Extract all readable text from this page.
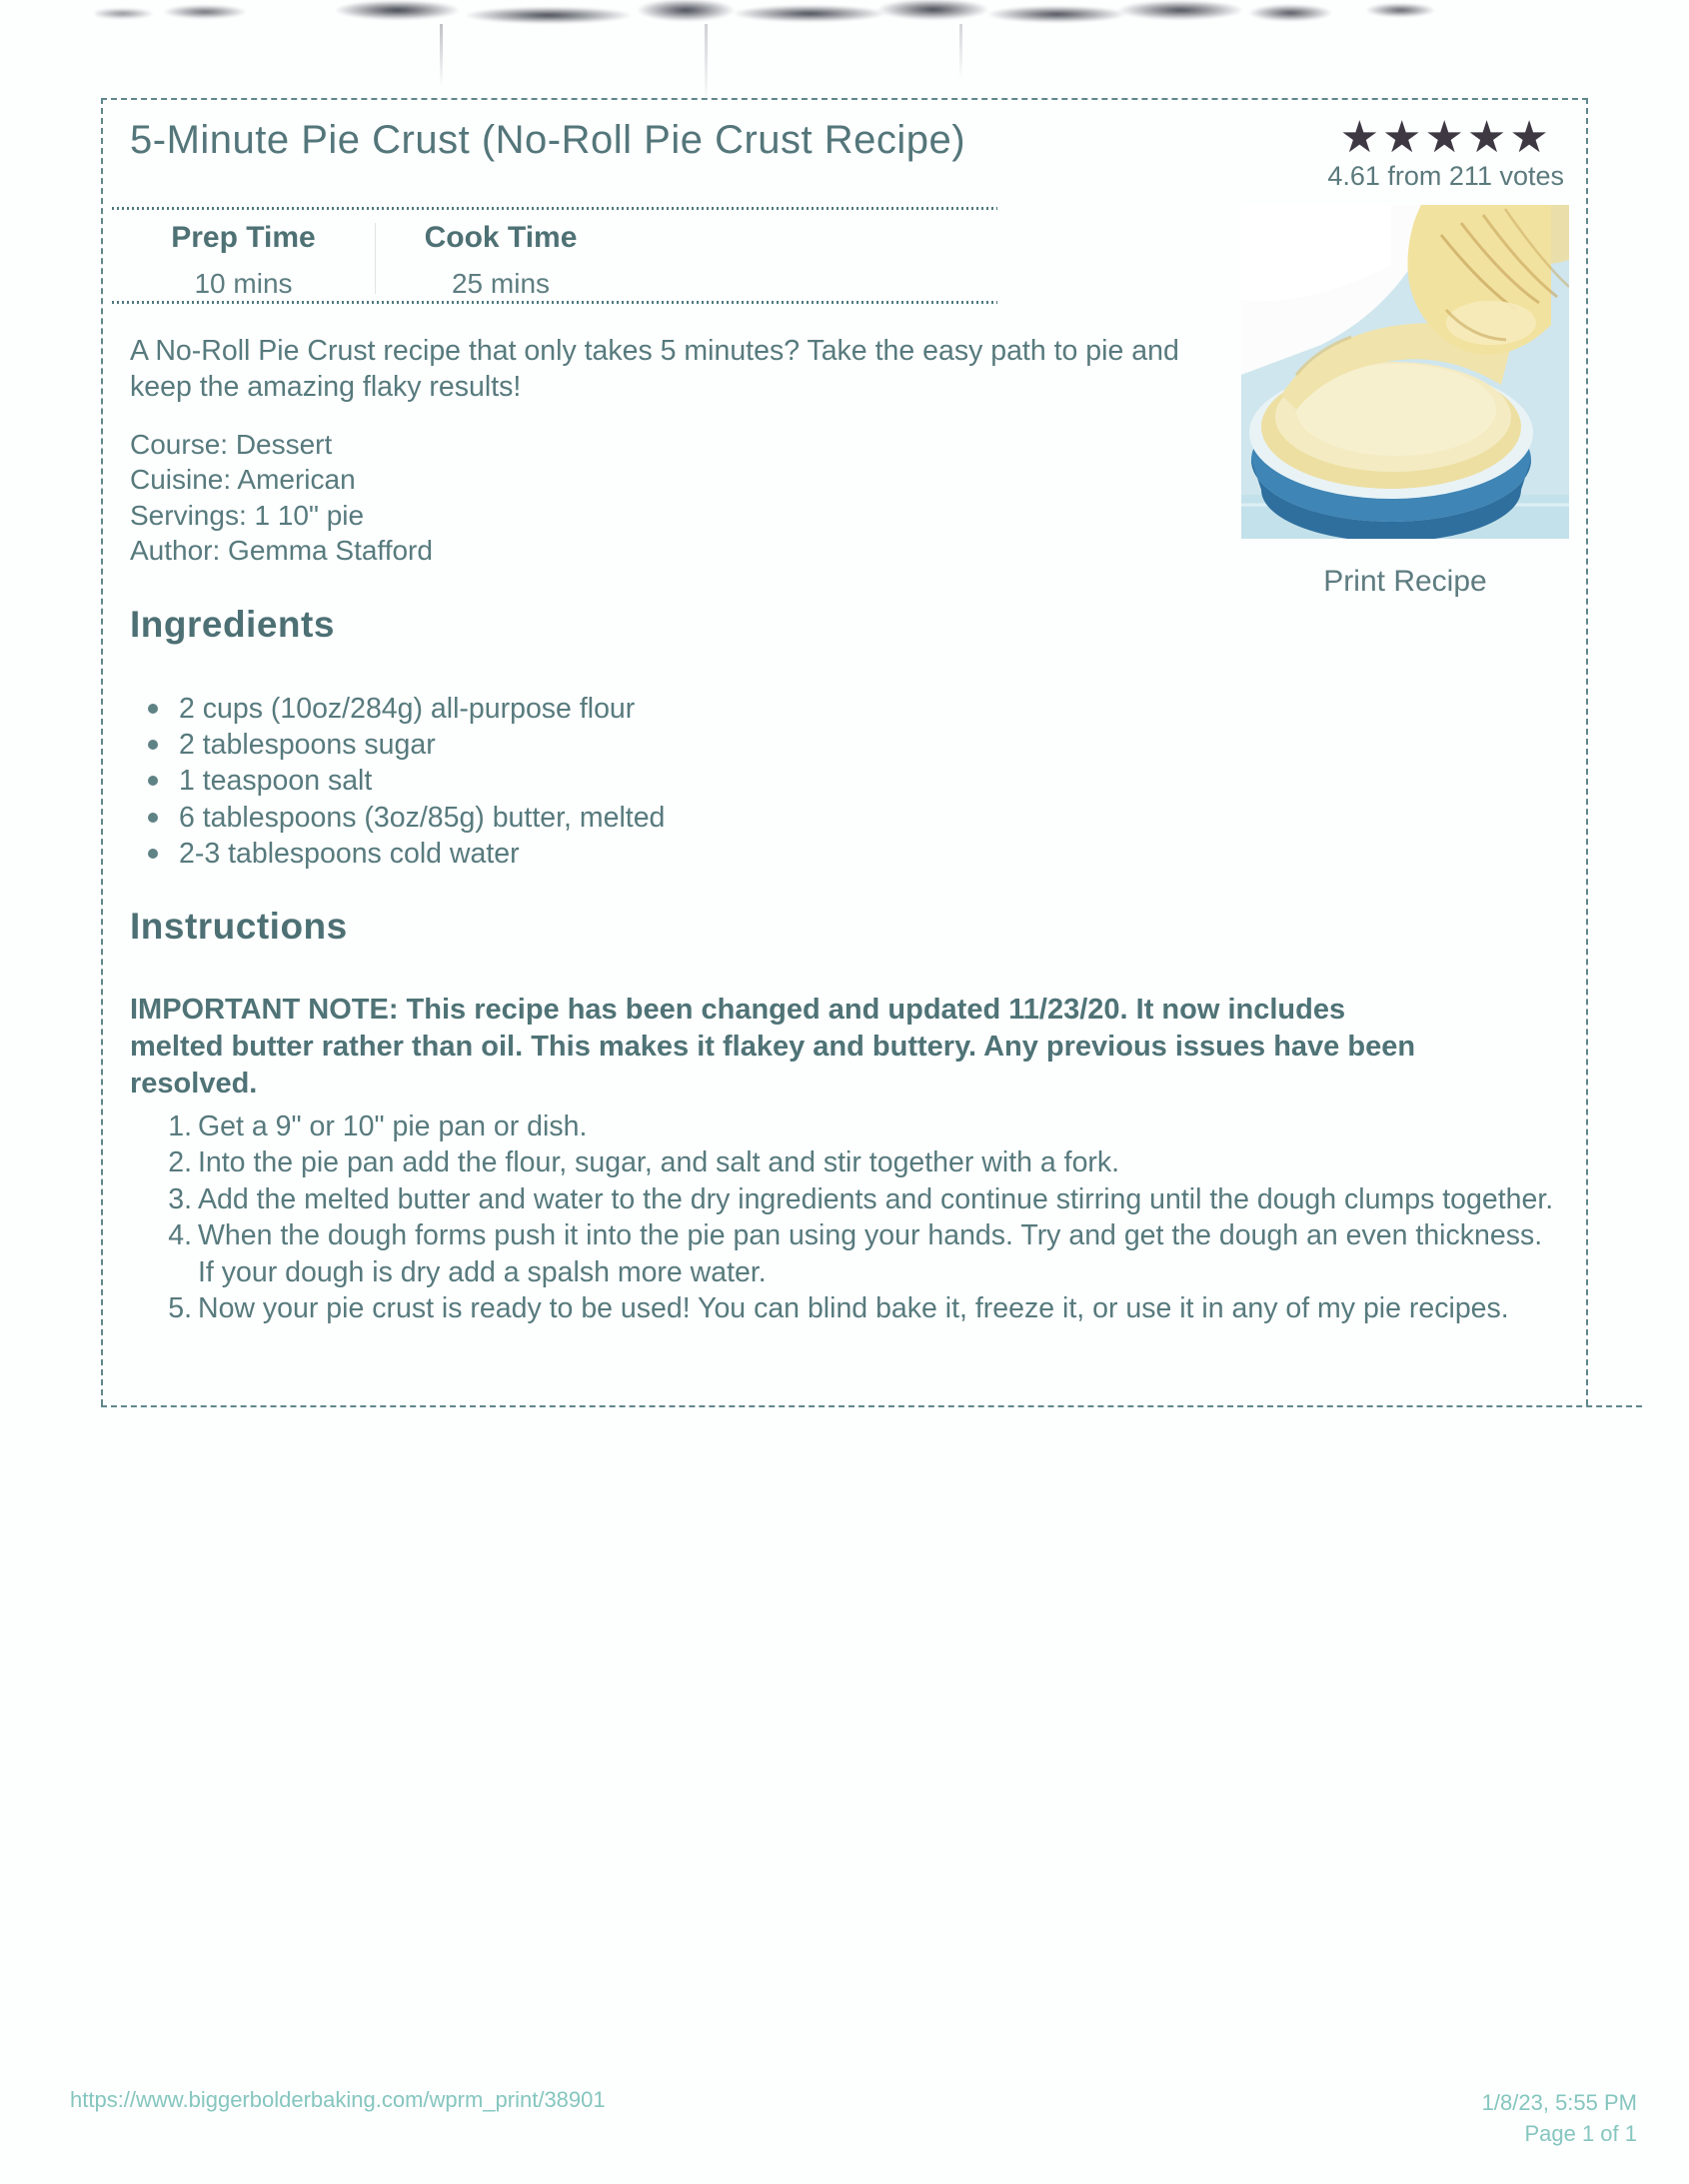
5-Minute Pie Crust (No-Roll Pie Crust Recipe)	★★★★★
4.61 from 211 votes
Print Recipe
Prep Time
10 mins
Cook Time
25 mins

A No-Roll Pie Crust recipe that only takes 5 minutes? Take the easy path to pie and keep the amazing flaky results!

Course: Dessert
Cuisine: American
Servings: 1 10" pie
Author: Gemma Stafford
Ingredients
2 cups (10oz/284g) all-purpose flour
2 tablespoons sugar
1 teaspoon salt
6 tablespoons (3oz/85g) butter, melted
2-3 tablespoons cold water
Instructions

IMPORTANT NOTE: This recipe has been changed and updated 11/23/20. It now includes
melted butter rather than oil. This makes it flakey and buttery. Any previous issues have been
resolved.

Get a 9" or 10" pie pan or dish.
Into the pie pan add the flour, sugar, and salt and stir together with a fork.
Add the melted butter and water to the dry ingredients and continue stirring until the dough clumps together.
When the dough forms push it into the pie pan using your hands. Try and get the dough an even thickness. If your dough is dry add a spalsh more water.
Now your pie crust is ready to be used! You can blind bake it, freeze it, or use it in any of my pie recipes.
https://www.biggerbolderbaking.com/wprm_print/38901	1/8/23, 5:55 PM
Page 1 of 1
